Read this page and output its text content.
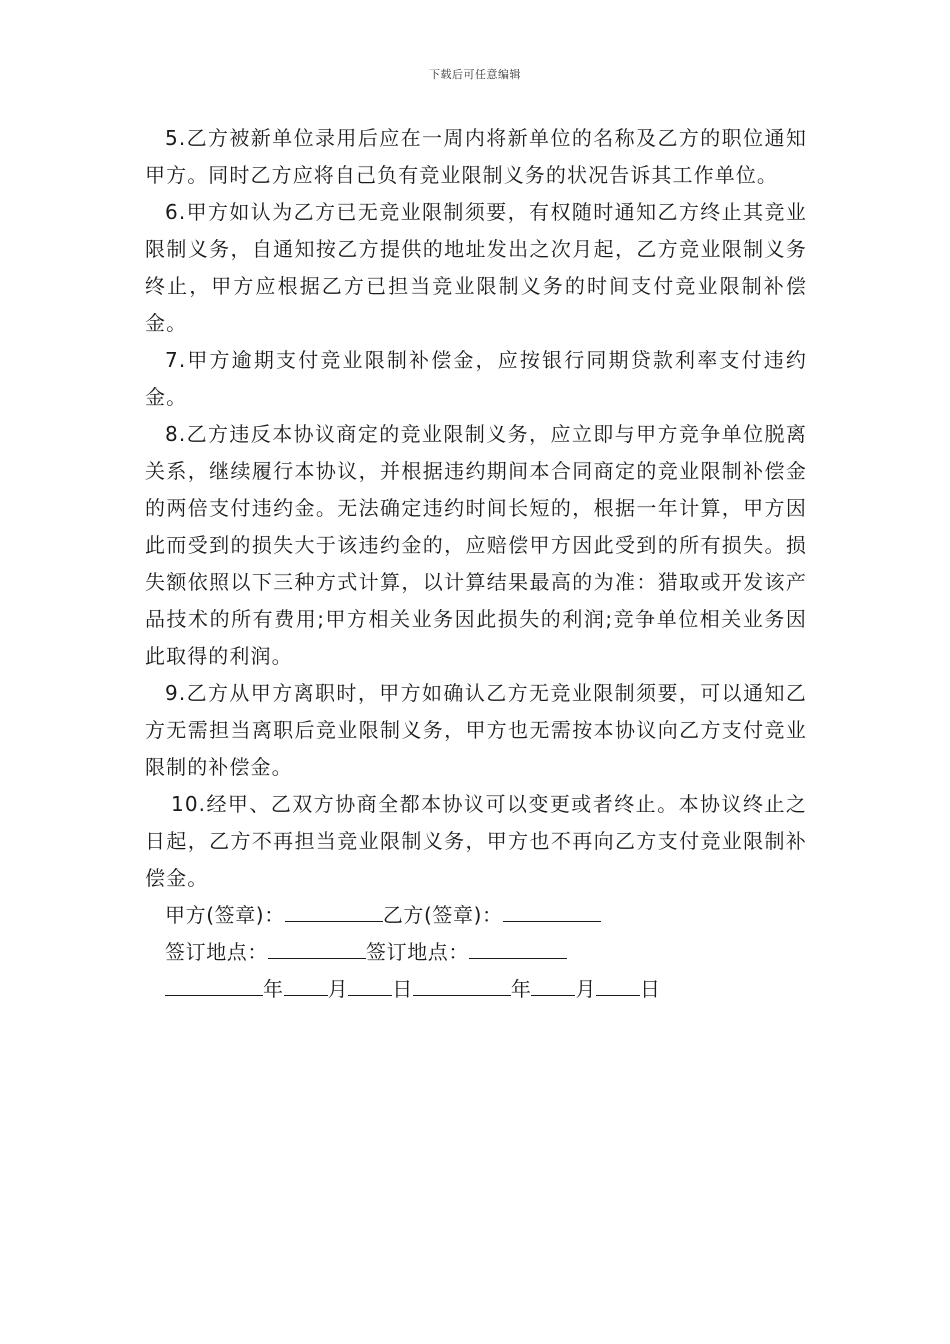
下载后可任意编辑

5.乙方被新单位录用后应在一周内将新单位的名称及乙方的职位通知甲方。同时乙方应将自己负有竞业限制义务的状况告诉其工作单位。

6.甲方如认为乙方已无竞业限制须要，有权随时通知乙方终止其竞业限制义务，自通知按乙方提供的地址发出之次月起，乙方竞业限制义务终止，甲方应根据乙方已担当竞业限制义务的时间支付竞业限制补偿金。

7.甲方逾期支付竞业限制补偿金，应按银行同期贷款利率支付违约金。

8.乙方违反本协议商定的竞业限制义务，应立即与甲方竞争单位脱离关系，继续履行本协议，并根据违约期间本合同商定的竞业限制补偿金的两倍支付违约金。无法确定违约时间长短的，根据一年计算，甲方因此而受到的损失大于该违约金的，应赔偿甲方因此受到的所有损失。损失额依照以下三种方式计算，以计算结果最高的为准：猎取或开发该产品技术的所有费用;甲方相关业务因此损失的利润;竞争单位相关业务因此取得的利润。

9.乙方从甲方离职时，甲方如确认乙方无竞业限制须要，可以通知乙方无需担当离职后竞业限制义务，甲方也无需按本协议向乙方支付竞业限制的补偿金。

10.经甲、乙双方协商全都本协议可以变更或者终止。本协议终止之日起，乙方不再担当竞业限制义务，甲方也不再向乙方支付竞业限制补偿金。

甲方(签章)：	乙方(签章)：

签订地点：	签订地点：

年 月 日	年 月 日
